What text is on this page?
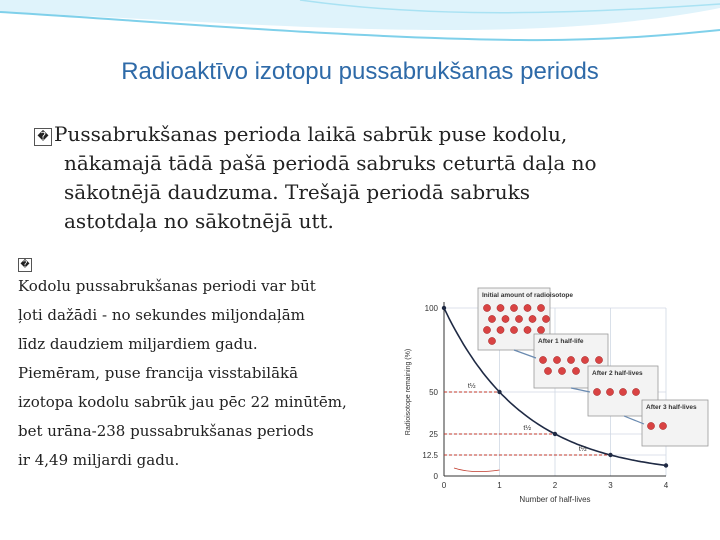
Radioaktīvo izotopu pussabrukšanas periods
� Pussabrukšanas perioda laikā sabrūk puse kodolu,
nākamajā tādā pašā periodā sabruks ceturtā daļa no
sākotnējā daudzuma. Trešajā periodā sabruks
astotdaļa no sākotnējā utt.
�
Kodolu pussabrukšanas periodi var būt
ļoti dažādi - no sekundes miljondaļām
līdz daudziem miljardiem gadu.
Piemēram, puse francija visstabilākā
izotopa kodolu sabrūk jau pēc 22 minūtēm,
bet urāna-238 pussabrukšanas periods
ir 4,49 miljardi gadu.
0
12.5
25
50
100
0	1	2	3	4
Number of half-lives
Radioisotope remaining (%)	t½
t½
t½
Initial amount of radioisotope
After 1 half-life
After 2 half-lives
After 3 half-lives
